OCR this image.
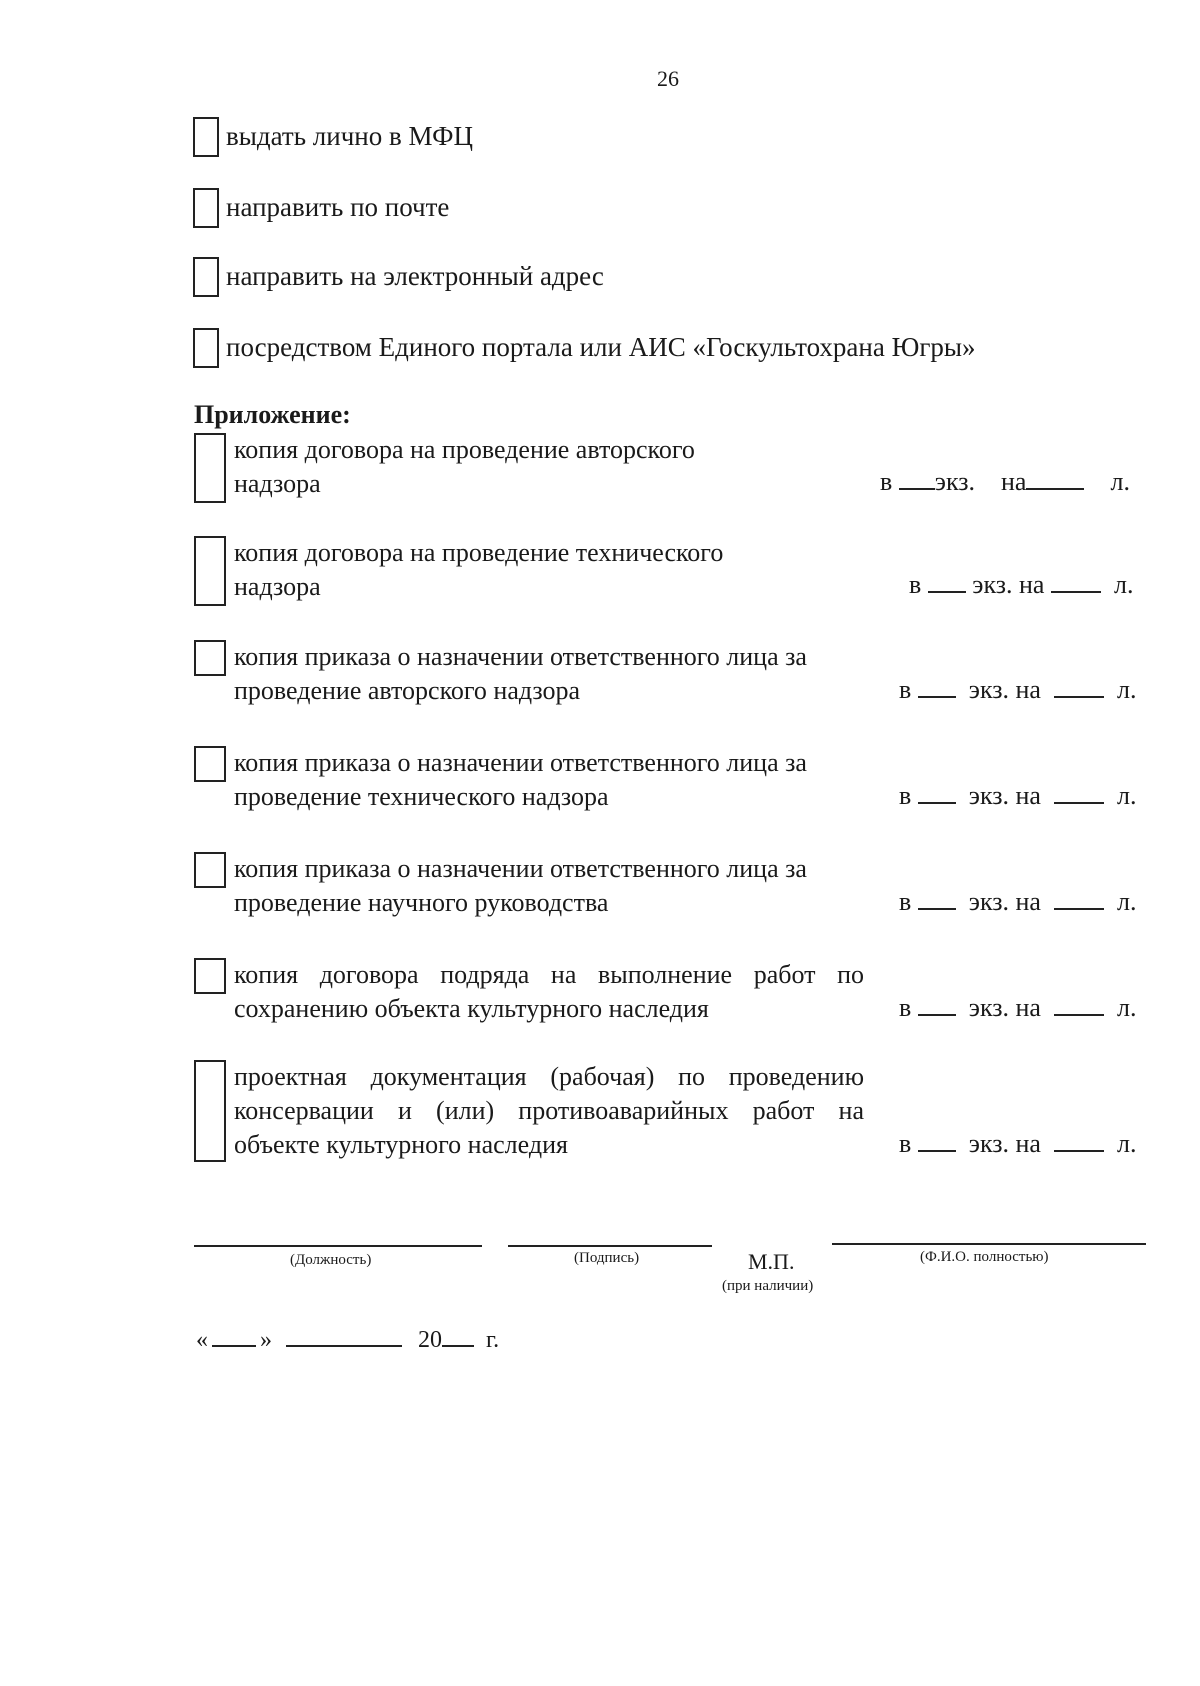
26
выдать лично в МФЦ
направить по почте
направить на электронный адрес
посредством Единого портала или АИС «Госкультохрана Югры»
Приложение:
копия договора на проведение авторского
надзора	в экз. на	л.
копия договора на проведение технического
надзора	в экз. на	л.
копия приказа о назначении ответственного лица за
проведение авторского надзора	в экз. на	л.
копия приказа о назначении ответственного лица за
проведение технического надзора	в экз. на	л.
копия приказа о назначении ответственного лица за
проведение научного руководства	в экз. на	л.
копия договора подряда на выполнение работ по
сохранению объекта культурного наследия	в экз. на	л.
проектная документация (рабочая) по проведению
консервации и (или) противоаварийных работ на
объекте культурного наследия	в экз. на	л.
(Должность)	(Подпись)	М.П.
(при наличии)
(Ф.И.О. полностью)
« »	20 г.
